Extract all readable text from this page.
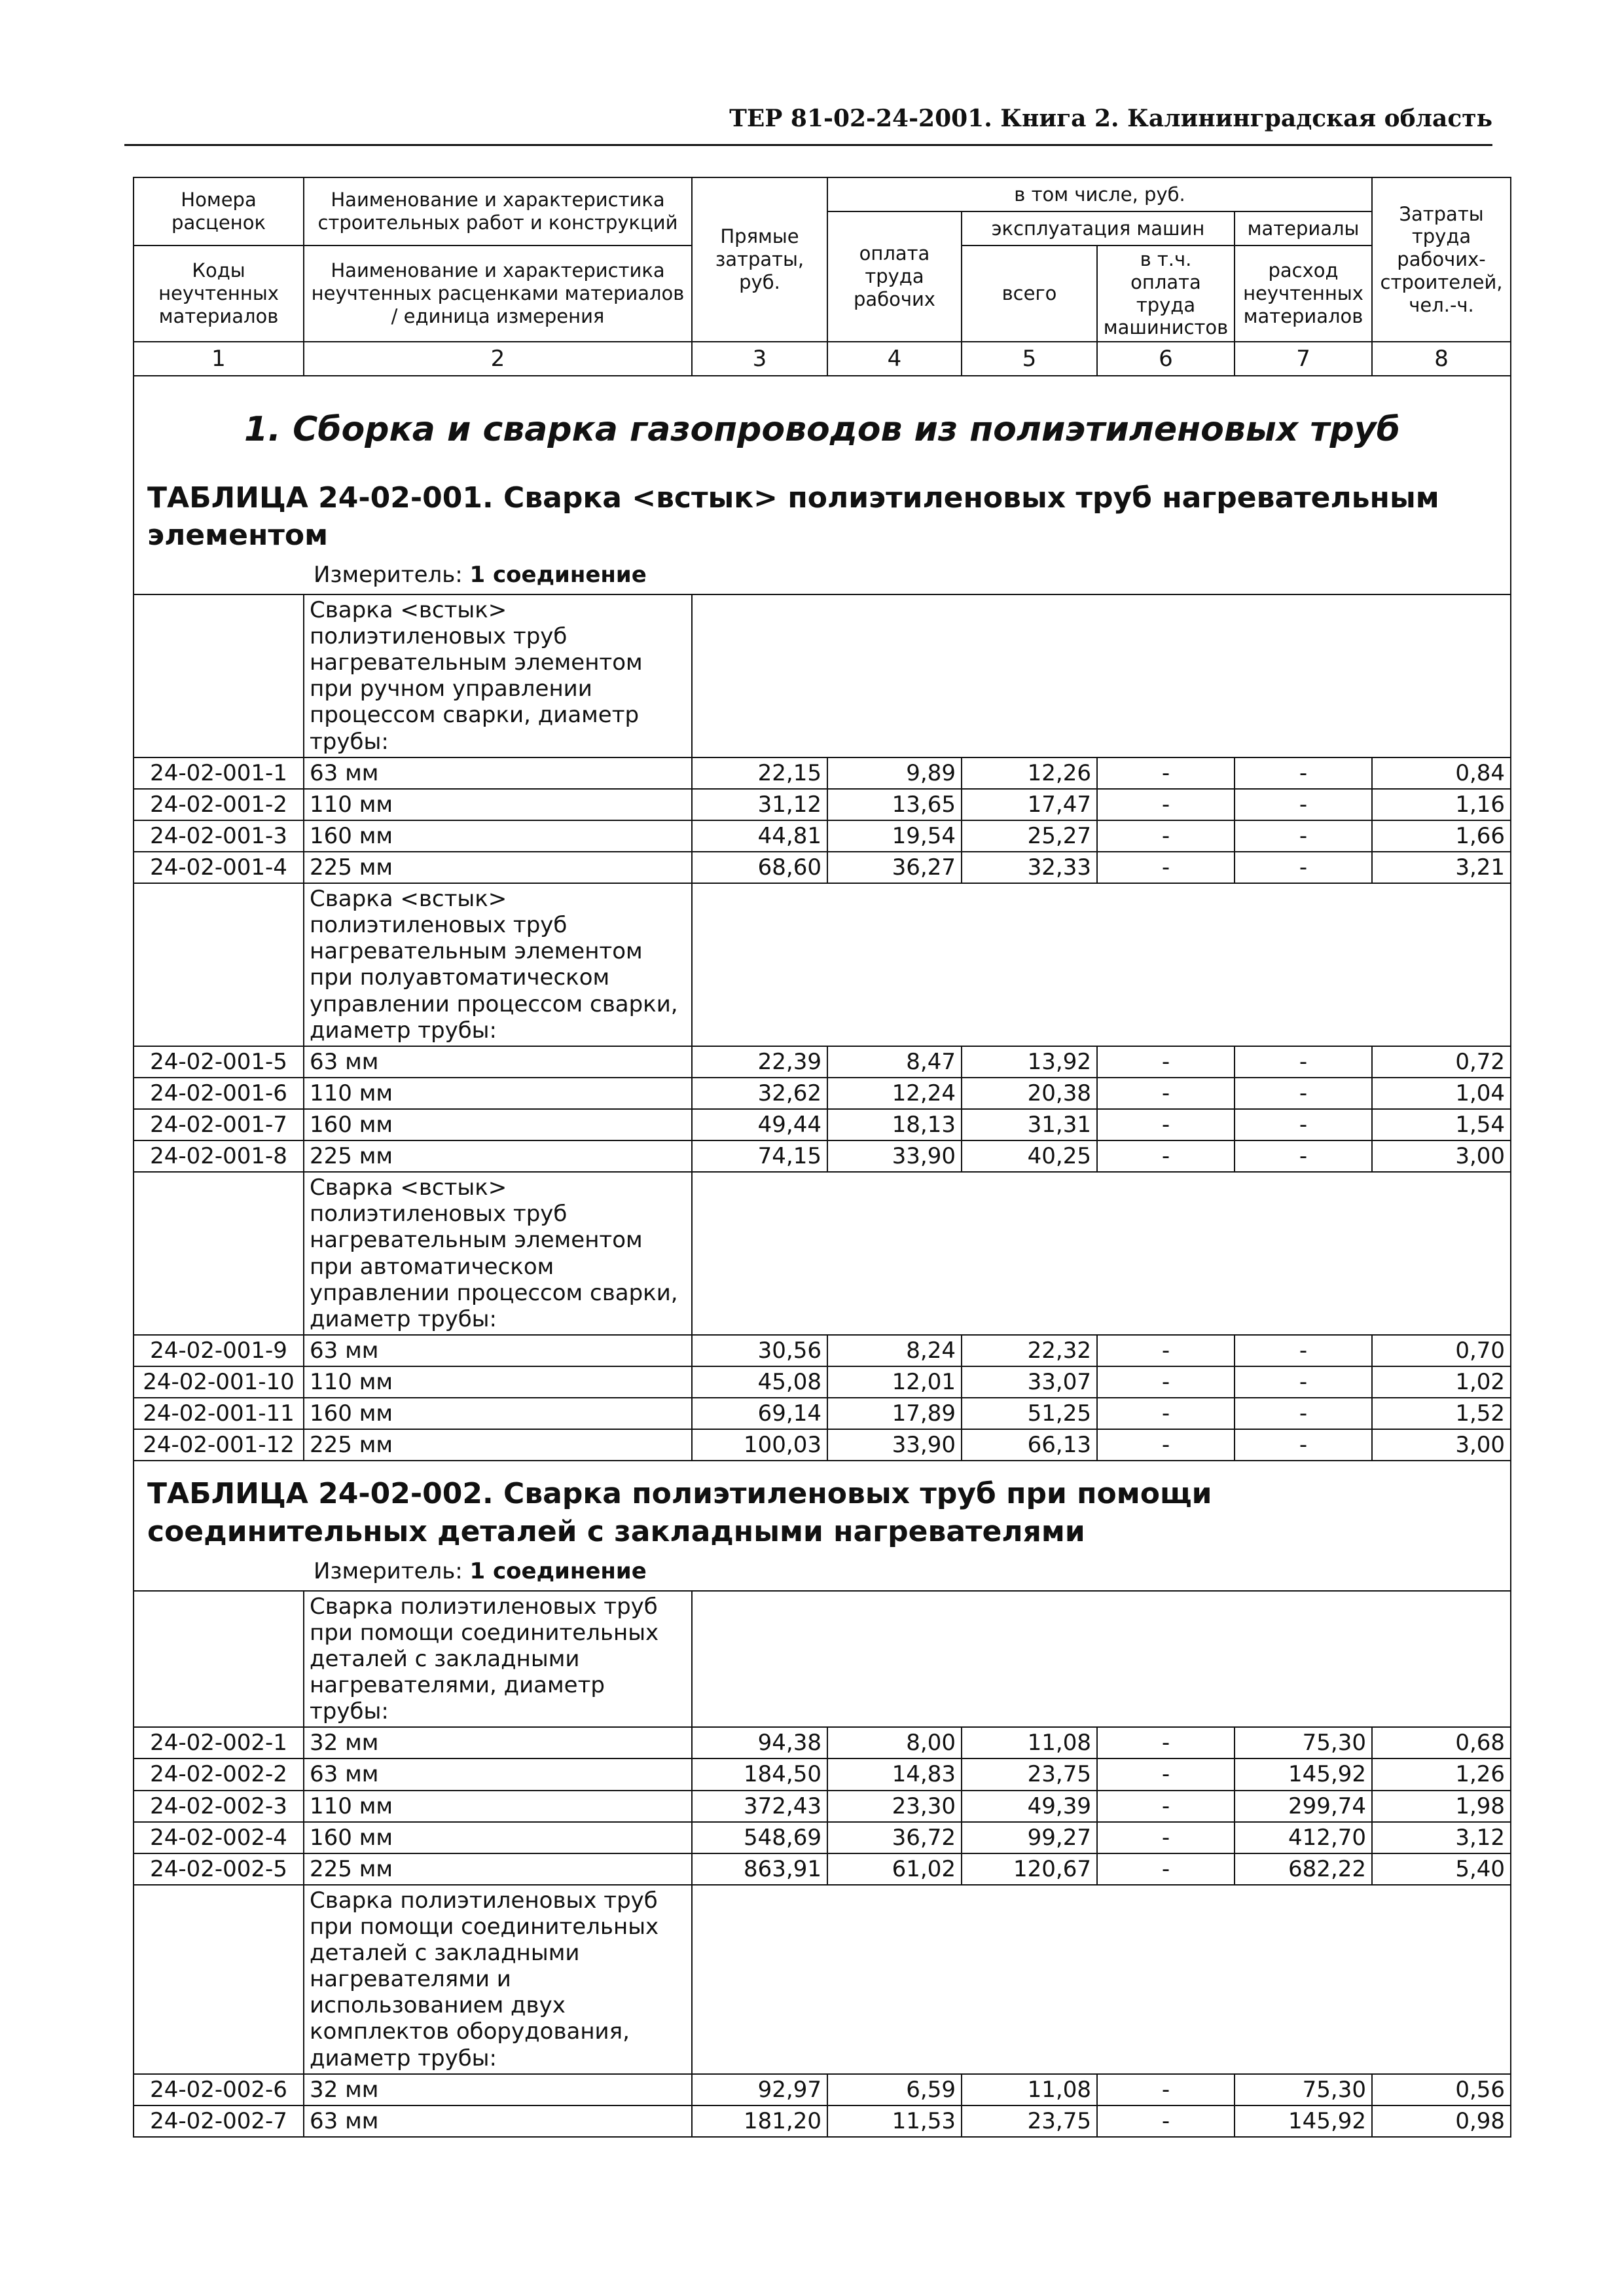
ТЕР 81-02-24-2001. Книга 2. Калининградская область
Номера расценок	Наименование и характеристика строительных работ и конструкций	Прямые затраты, руб.	в том числе, руб.				Затраты труда рабочих-строителей, чел.-ч.
			оплата труда рабочих	эксплуатация машин		материалы	
Коды неучтенных материалов	Наименование и характеристика неучтенных расценками материалов / единица измерения			всего	в т.ч. оплата труда машинистов	расход неучтенных материалов	

1	2	3	4	5	6	7	8

1. Сборка и сварка газопроводов из полиэтиленовых труб							

ТАБЛИЦА 24-02-001. Сварка <встык> полиэтиленовых труб нагревательным элементом
Измеритель: 1 соединение							

	Сварка <встык> полиэтиленовых труб нагревательным элементом при ручном управлении процессом сварки, диаметр трубы:						
24-02-001-1	63 мм	22,15	9,89	12,26	-	-	0,84
24-02-001-2	110 мм	31,12	13,65	17,47	-	-	1,16
24-02-001-3	160 мм	44,81	19,54	25,27	-	-	1,66
24-02-001-4	225 мм	68,60	36,27	32,33	-	-	3,21
	Сварка <встык> полиэтиленовых труб нагревательным элементом при полуавтоматическом управлении процессом сварки, диаметр трубы:						
24-02-001-5	63 мм	22,39	8,47	13,92	-	-	0,72
24-02-001-6	110 мм	32,62	12,24	20,38	-	-	1,04
24-02-001-7	160 мм	49,44	18,13	31,31	-	-	1,54
24-02-001-8	225 мм	74,15	33,90	40,25	-	-	3,00
	Сварка <встык> полиэтиленовых труб нагревательным элементом при автоматическом управлении процессом сварки, диаметр трубы:						
24-02-001-9	63 мм	30,56	8,24	22,32	-	-	0,70
24-02-001-10	110 мм	45,08	12,01	33,07	-	-	1,02
24-02-001-11	160 мм	69,14	17,89	51,25	-	-	1,52
24-02-001-12	225 мм	100,03	33,90	66,13	-	-	3,00

ТАБЛИЦА 24-02-002. Сварка полиэтиленовых труб при помощи соединительных деталей с закладными нагревателями
Измеритель: 1 соединение							

	Сварка полиэтиленовых труб при помощи соединительных деталей с закладными нагревателями, диаметр трубы:						
24-02-002-1	32 мм	94,38	8,00	11,08	-	75,30	0,68
24-02-002-2	63 мм	184,50	14,83	23,75	-	145,92	1,26
24-02-002-3	110 мм	372,43	23,30	49,39	-	299,74	1,98
24-02-002-4	160 мм	548,69	36,72	99,27	-	412,70	3,12
24-02-002-5	225 мм	863,91	61,02	120,67	-	682,22	5,40
	Сварка полиэтиленовых труб при помощи соединительных деталей с закладными нагревателями и использованием двух комплектов оборудования, диаметр трубы:						
24-02-002-6	32 мм	92,97	6,59	11,08	-	75,30	0,56
24-02-002-7	63 мм	181,20	11,53	23,75	-	145,92	0,98
